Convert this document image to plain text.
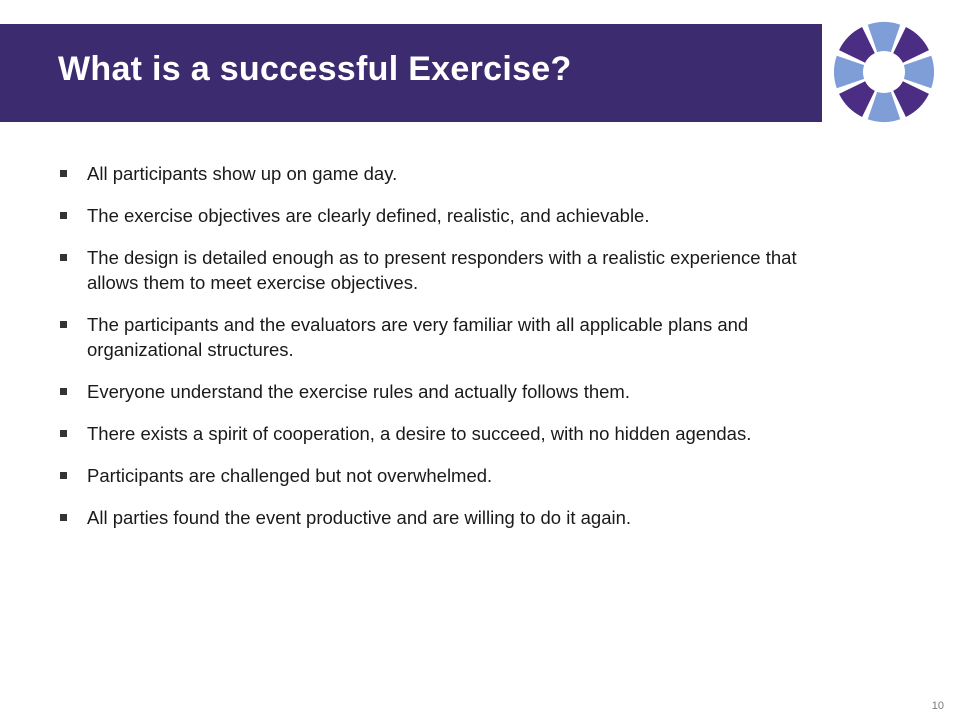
What is a successful Exercise?
All participants show up on game day.
The exercise objectives are clearly defined, realistic, and achievable.
The design is detailed enough as to present responders with a realistic experience that allows them to meet exercise objectives.
The participants and the evaluators are very familiar with all applicable plans and organizational structures.
Everyone understand the exercise rules and actually follows them.
There exists a spirit of cooperation, a desire to succeed, with no hidden agendas.
Participants are challenged but not overwhelmed.
All parties found the event productive and are willing to do it again.
10
